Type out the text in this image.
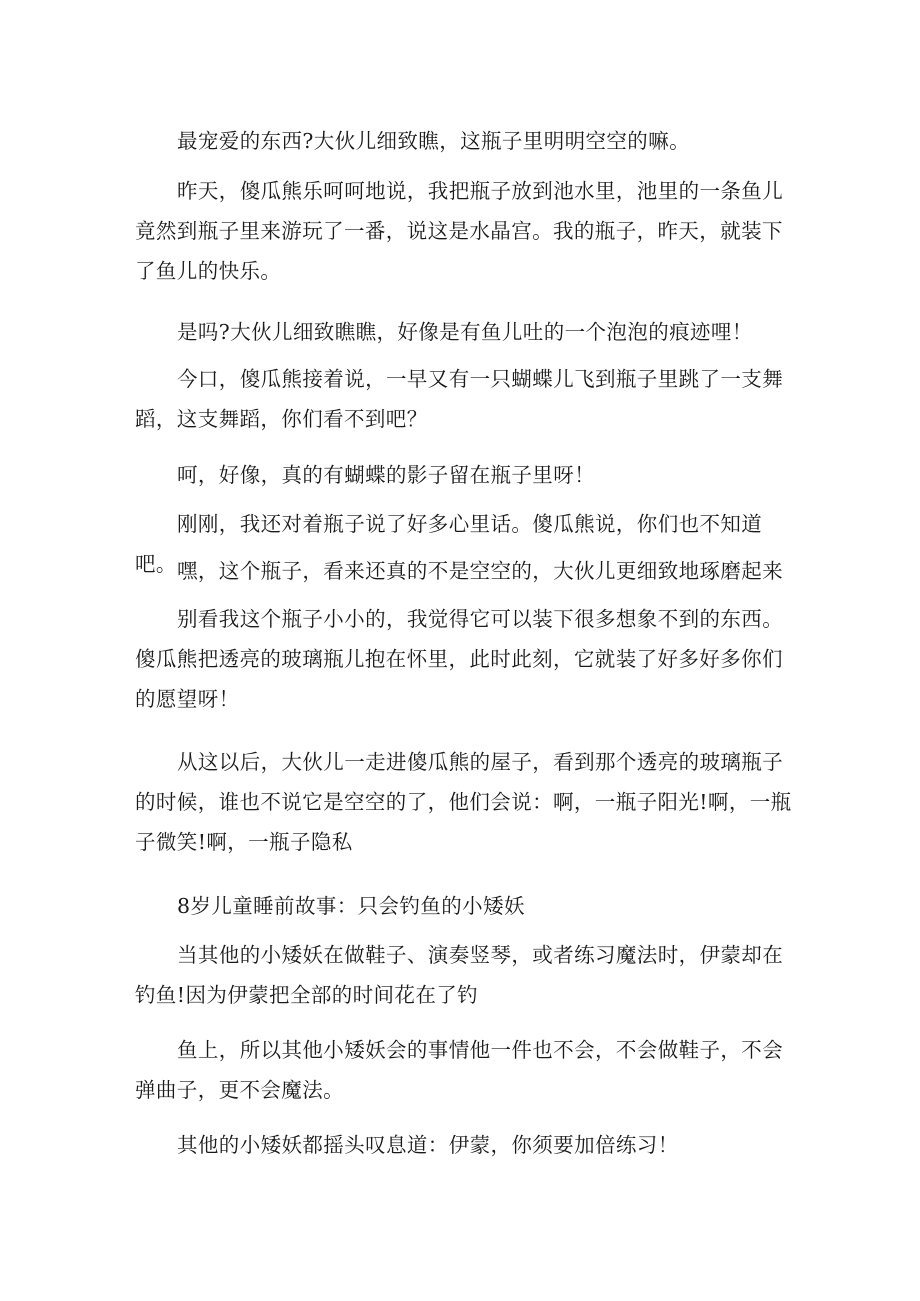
最宠爱的东西?大伙儿细致瞧，这瓶子里明明空空的嘛。

昨天，傻瓜熊乐呵呵地说，我把瓶子放到池水里，池里的一条鱼儿竟然到瓶子里来游玩了一番，说这是水晶宫。我的瓶子，昨天，就装下了鱼儿的快乐。

是吗?大伙儿细致瞧瞧，好像是有鱼儿吐的一个泡泡的痕迹哩！

今口，傻瓜熊接着说，一早又有一只蝴蝶儿飞到瓶子里跳了一支舞蹈，这支舞蹈，你们看不到吧？

呵，好像，真的有蝴蝶的影子留在瓶子里呀！

刚刚，我还对着瓶子说了好多心里话。傻瓜熊说，你们也不知道吧。 嘿，这个瓶子，看来还真的不是空空的，大伙儿更细致地琢磨起来

别看我这个瓶子小小的，我觉得它可以装下很多想象不到的东西。傻瓜熊把透亮的玻璃瓶儿抱在怀里，此时此刻，它就装了好多好多你们的愿望呀！

从这以后，大伙儿一走进傻瓜熊的屋子，看到那个透亮的玻璃瓶子的时候，谁也不说它是空空的了，他们会说：啊，一瓶子阳光!啊，一瓶子微笑!啊，一瓶子隐私

8岁儿童睡前故事：只会钓鱼的小矮妖

当其他的小矮妖在做鞋子、演奏竖琴，或者练习魔法时，伊蒙却在钓鱼!因为伊蒙把全部的时间花在了钓

鱼上，所以其他小矮妖会的事情他一件也不会，不会做鞋子，不会弹曲子，更不会魔法。

其他的小矮妖都摇头叹息道：伊蒙，你须要加倍练习！
